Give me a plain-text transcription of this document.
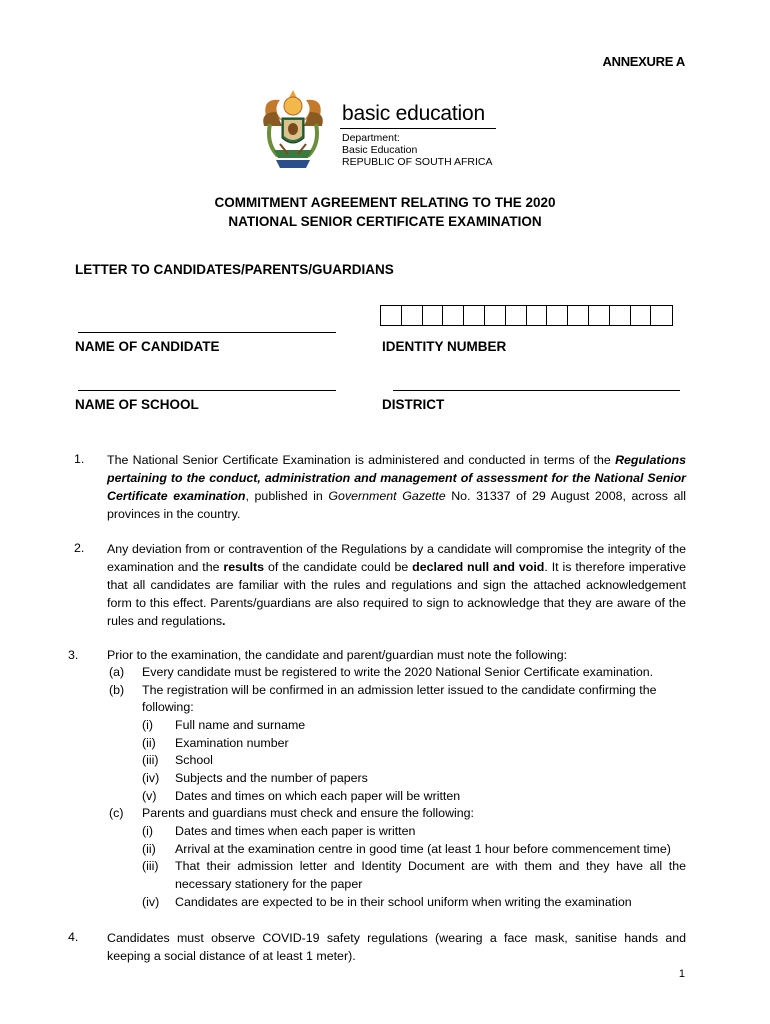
ANNEXURE A
basic education
Department:
Basic Education
REPUBLIC OF SOUTH AFRICA
COMMITMENT AGREEMENT RELATING TO THE 2020
NATIONAL SENIOR CERTIFICATE EXAMINATION
LETTER TO CANDIDATES/PARENTS/GUARDIANS
NAME OF CANDIDATE	IDENTITY NUMBER
NAME OF SCHOOL	DISTRICT
1. The National Senior Certificate Examination is administered and conducted in terms of the Regulations pertaining to the conduct, administration and management of assessment for the National Senior Certificate examination, published in Government Gazette No. 31337 of 29 August 2008, across all provinces in the country.
2. Any deviation from or contravention of the Regulations by a candidate will compromise the integrity of the examination and the results of the candidate could be declared null and void. It is therefore imperative that all candidates are familiar with the rules and regulations and sign the attached acknowledgement form to this effect. Parents/guardians are also required to sign to acknowledge that they are aware of the rules and regulations.
3. Prior to the examination, the candidate and parent/guardian must note the following:
(a) Every candidate must be registered to write the 2020 National Senior Certificate examination.
(b) The registration will be confirmed in an admission letter issued to the candidate confirming the
following:
(i) Full name and surname
(ii) Examination number
(iii) School
(iv) Subjects and the number of papers
(v) Dates and times on which each paper will be written
(c) Parents and guardians must check and ensure the following:
(i) Dates and times when each paper is written
(ii) Arrival at the examination centre in good time (at least 1 hour before commencement time)
(iii) That their admission letter and Identity Document are with them and they have all the necessary stationery for the paper
(iv) Candidates are expected to be in their school uniform when writing the examination
4. Candidates must observe COVID-19 safety regulations (wearing a face mask, sanitise hands and keeping a social distance of at least 1 meter).
1
